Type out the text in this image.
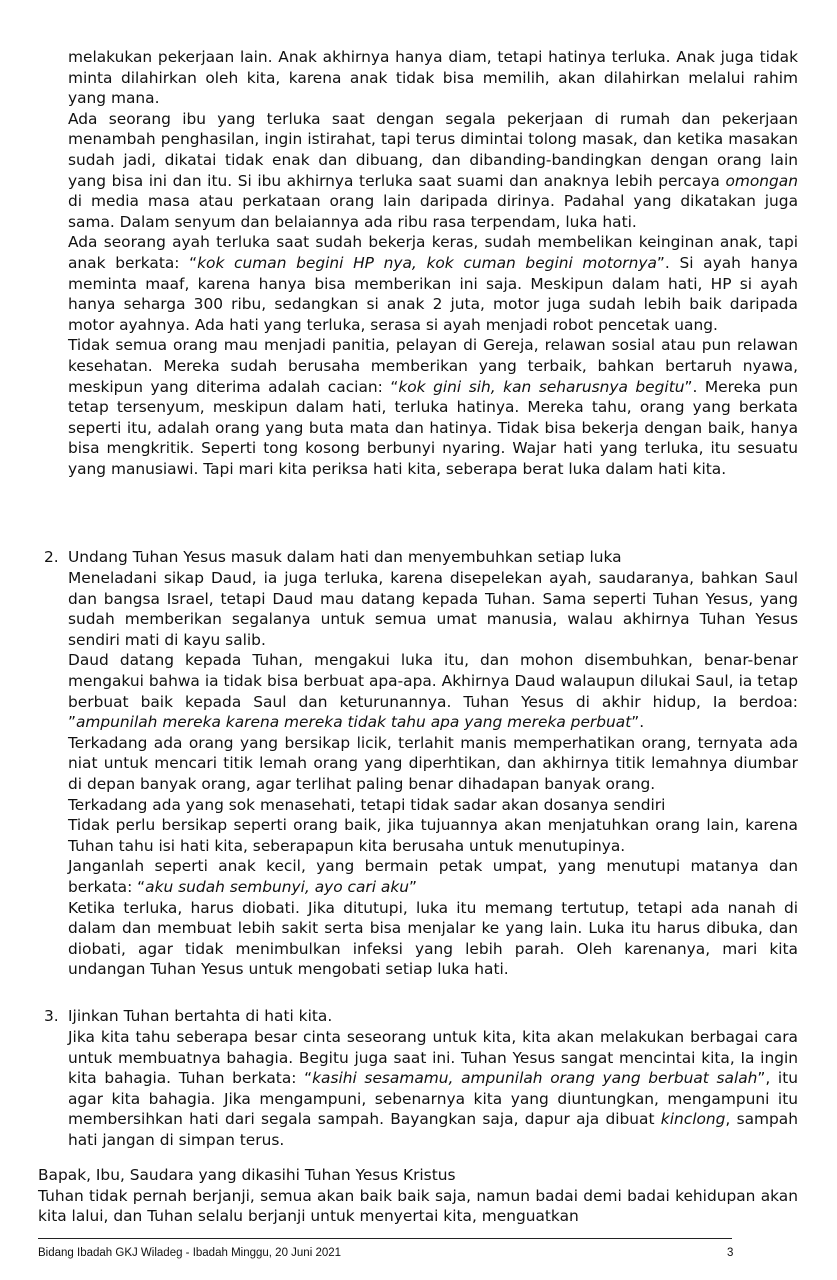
melakukan pekerjaan lain. Anak akhirnya hanya diam, tetapi hatinya terluka. Anak juga tidak minta dilahirkan oleh kita, karena anak tidak bisa memilih, akan dilahirkan melalui rahim yang mana.

Ada seorang ibu yang terluka saat dengan segala pekerjaan di rumah dan pekerjaan menambah penghasilan, ingin istirahat, tapi terus dimintai tolong masak, dan ketika masakan sudah jadi, dikatai tidak enak dan dibuang, dan dibanding-bandingkan dengan orang lain yang bisa ini dan itu. Si ibu akhirnya terluka saat suami dan anaknya lebih percaya omongan di media masa atau perkataan orang lain daripada dirinya. Padahal yang dikatakan juga sama. Dalam senyum dan belaiannya ada ribu rasa terpendam, luka hati.

Ada seorang ayah terluka saat sudah bekerja keras, sudah membelikan keinginan anak, tapi anak berkata: “kok cuman begini HP nya, kok cuman begini motornya”. Si ayah hanya meminta maaf, karena hanya bisa memberikan ini saja. Meskipun dalam hati, HP si ayah hanya seharga 300 ribu, sedangkan si anak 2 juta, motor juga sudah lebih baik daripada motor ayahnya. Ada hati yang terluka, serasa si ayah menjadi robot pencetak uang.

Tidak semua orang mau menjadi panitia, pelayan di Gereja, relawan sosial atau pun relawan kesehatan. Mereka sudah berusaha memberikan yang terbaik, bahkan bertaruh nyawa, meskipun yang diterima adalah cacian: “kok gini sih, kan seharusnya begitu”. Mereka pun tetap tersenyum, meskipun dalam hati, terluka hatinya. Mereka tahu, orang yang berkata seperti itu, adalah orang yang buta mata dan hatinya. Tidak bisa bekerja dengan baik, hanya bisa mengkritik. Seperti tong kosong berbunyi nyaring. Wajar hati yang terluka, itu sesuatu yang manusiawi. Tapi mari kita periksa hati kita, seberapa berat luka dalam hati kita.

2. Undang Tuhan Yesus masuk dalam hati dan menyembuhkan setiap luka

Meneladani sikap Daud, ia juga terluka, karena disepelekan ayah, saudaranya, bahkan Saul dan bangsa Israel, tetapi Daud mau datang kepada Tuhan. Sama seperti Tuhan Yesus, yang sudah memberikan segalanya untuk semua umat manusia, walau akhirnya Tuhan Yesus sendiri mati di kayu salib.

Daud datang kepada Tuhan, mengakui luka itu, dan mohon disembuhkan, benar-benar mengakui bahwa ia tidak bisa berbuat apa-apa. Akhirnya Daud walaupun dilukai Saul, ia tetap berbuat baik kepada Saul dan keturunannya. Tuhan Yesus di akhir hidup, Ia berdoa: ”ampunilah mereka karena mereka tidak tahu apa yang mereka perbuat”.

Terkadang ada orang yang bersikap licik, terlahit manis memperhatikan orang, ternyata ada niat untuk mencari titik lemah orang yang diperhtikan, dan akhirnya titik lemahnya diumbar di depan banyak orang, agar terlihat paling benar dihadapan banyak orang.

Terkadang ada yang sok menasehati, tetapi tidak sadar akan dosanya sendiri

Tidak perlu bersikap seperti orang baik, jika tujuannya akan menjatuhkan orang lain, karena Tuhan tahu isi hati kita, seberapapun kita berusaha untuk menutupinya.

Janganlah seperti anak kecil, yang bermain petak umpat, yang menutupi matanya dan berkata: “aku sudah sembunyi, ayo cari aku”

Ketika terluka, harus diobati. Jika ditutupi, luka itu memang tertutup, tetapi ada nanah di dalam dan membuat lebih sakit serta bisa menjalar ke yang lain. Luka itu harus dibuka, dan diobati, agar tidak menimbulkan infeksi yang lebih parah. Oleh karenanya, mari kita undangan Tuhan Yesus untuk mengobati setiap luka hati.

3. Ijinkan Tuhan bertahta di hati kita.

Jika kita tahu seberapa besar cinta seseorang untuk kita, kita akan melakukan berbagai cara untuk membuatnya bahagia. Begitu juga saat ini. Tuhan Yesus sangat mencintai kita, Ia ingin kita bahagia. Tuhan berkata: “kasihi sesamamu, ampunilah orang yang berbuat salah”, itu agar kita bahagia. Jika mengampuni, sebenarnya kita yang diuntungkan, mengampuni itu membersihkan hati dari segala sampah. Bayangkan saja, dapur aja dibuat kinclong, sampah hati jangan di simpan terus.

Bapak, Ibu, Saudara yang dikasihi Tuhan Yesus Kristus

Tuhan tidak pernah berjanji, semua akan baik baik saja, namun badai demi badai kehidupan akan kita lalui, dan Tuhan selalu berjanji untuk menyertai kita, menguatkan

Bidang Ibadah GKJ Wiladeg - Ibadah Minggu, 20 Juni 2021	3
